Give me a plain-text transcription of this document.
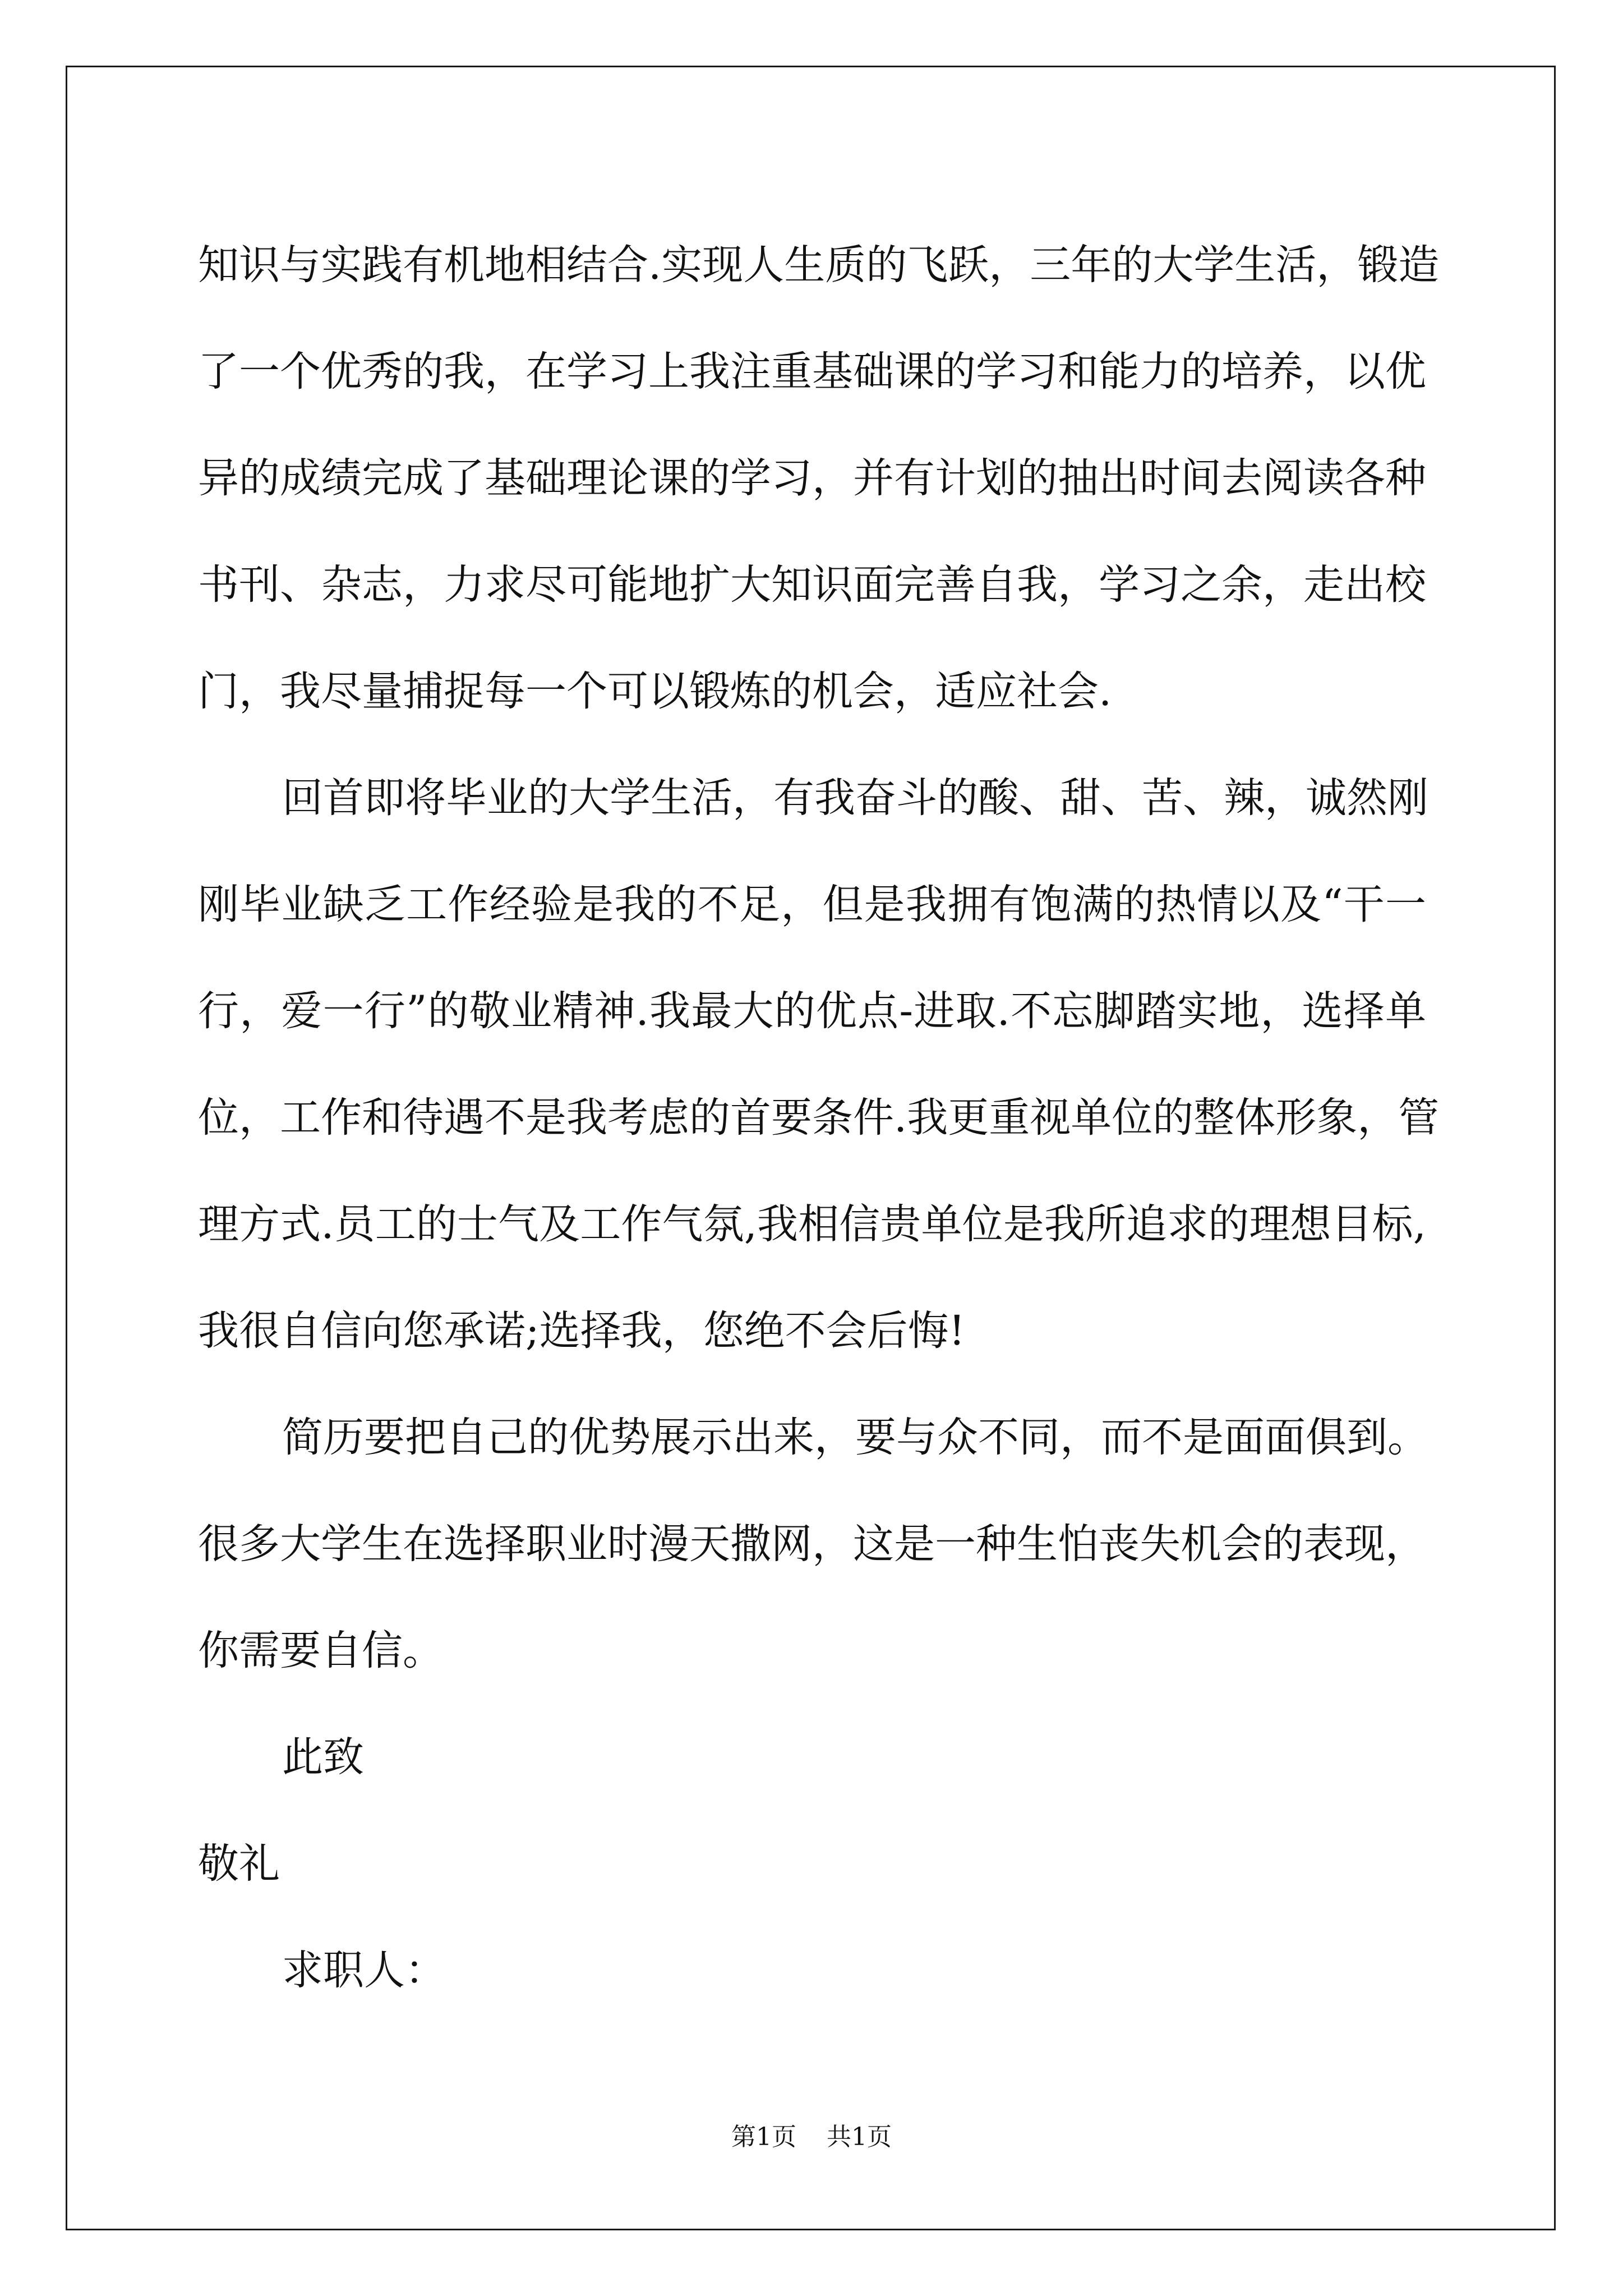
知识与实践有机地相结合.实现人生质的飞跃，三年的大学生活，锻造

了一个优秀的我，在学习上我注重基础课的学习和能力的培养，以优

异的成绩完成了基础理论课的学习，并有计划的抽出时间去阅读各种

书刊、杂志，力求尽可能地扩大知识面完善自我，学习之余，走出校

门，我尽量捕捉每一个可以锻炼的机会，适应社会.

回首即将毕业的大学生活，有我奋斗的酸、甜、苦、辣，诚然刚

刚毕业缺乏工作经验是我的不足，但是我拥有饱满的热情以及“干一

行，爱一行”的敬业精神.我最大的优点-进取.不忘脚踏实地，选择单

位，工作和待遇不是我考虑的首要条件.我更重视单位的整体形象，管

理方式.员工的士气及工作气氛,我相信贵单位是我所追求的理想目标,

我很自信向您承诺;选择我，您绝不会后悔!

简历要把自己的优势展示出来，要与众不同，而不是面面俱到。

很多大学生在选择职业时漫天撒网，这是一种生怕丧失机会的表现，

你需要自信。

此致

敬礼

求职人：

第1页 共1页
